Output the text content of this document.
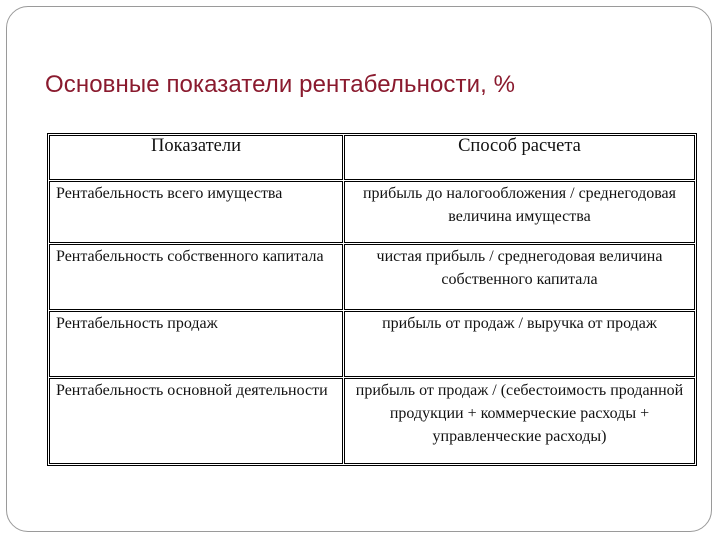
Основные показатели рентабельности, %
Показатели	Способ расчета
Рентабельность всего имущества	прибыль до налогообложения / среднегодовая величина имущества
Рентабельность собственного капитала	чистая прибыль / среднегодовая величина собственного капитала
Рентабельность продаж	прибыль от продаж / выручка от продаж
Рентабельность основной деятельности	прибыль от продаж / (себестоимость проданной продукции + коммерческие расходы + управленческие расходы)
